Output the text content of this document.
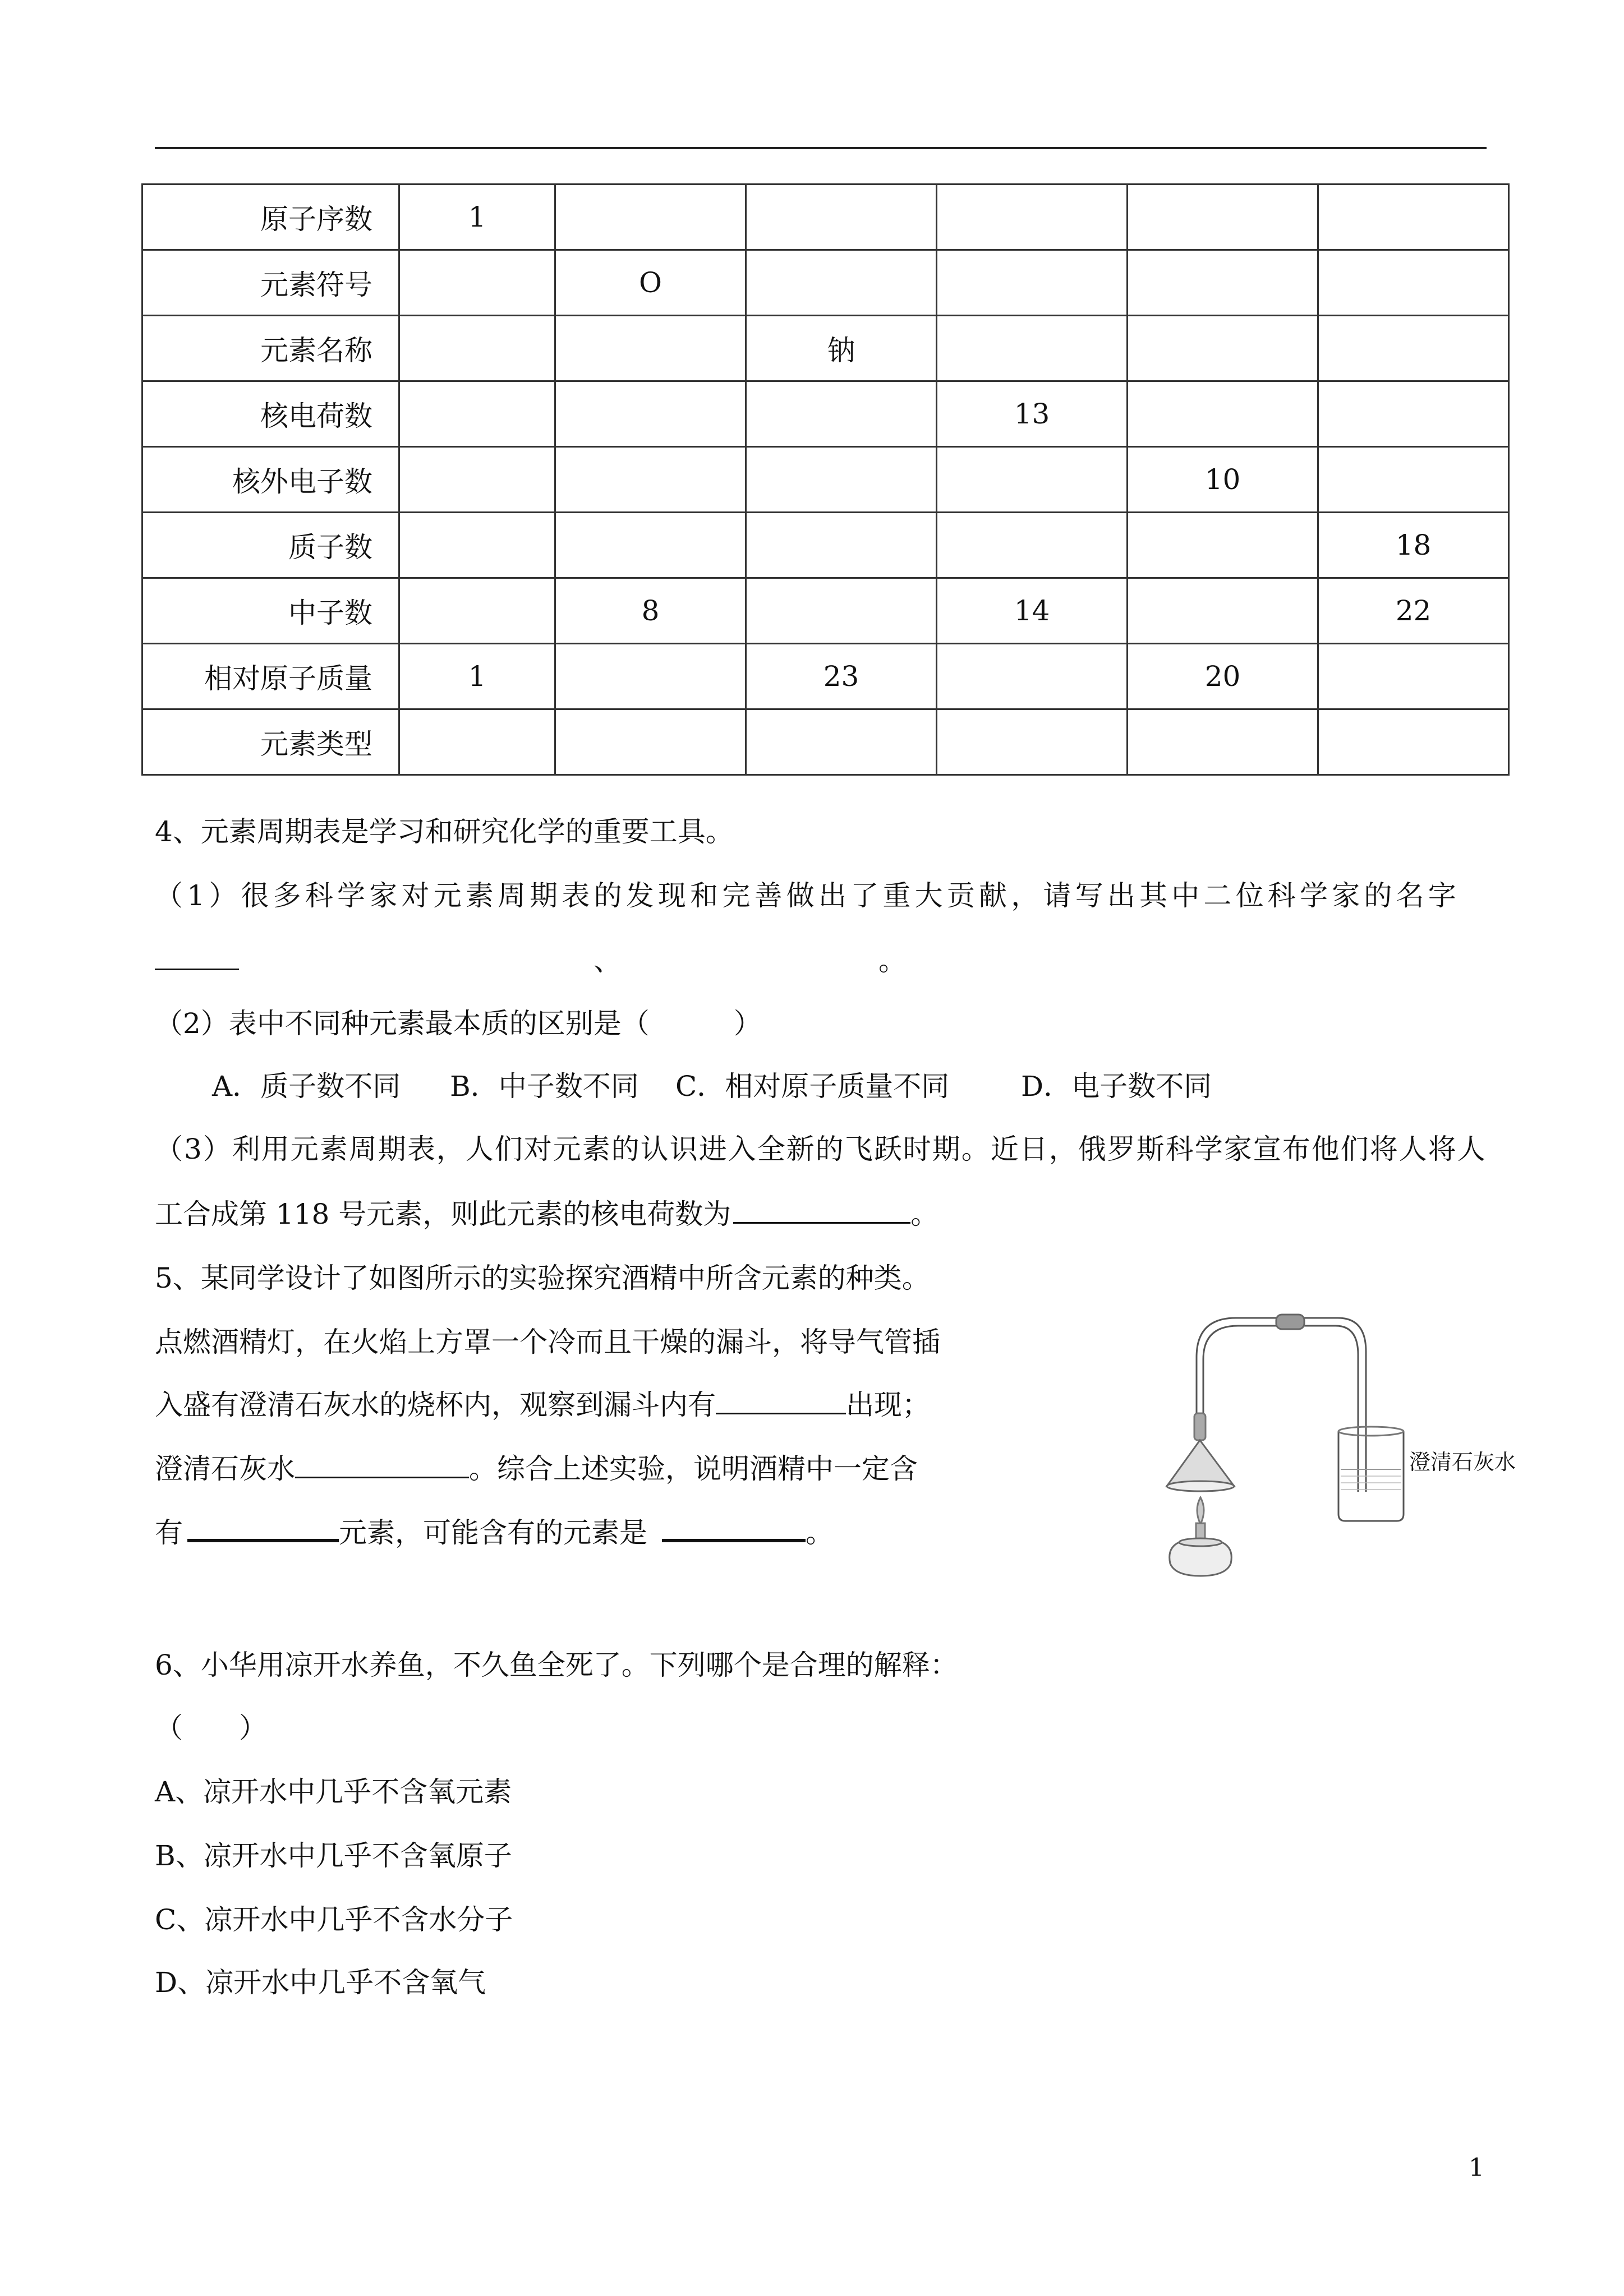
原子序数	1					
元素符号		O				
元素名称			钠			
核电荷数				13		
核外电子数					10	
质子数						18
中子数		8		14		22
相对原子质量	1		23		20	
元素类型						
4、元素周期表是学习和研究化学的重要工具。
（1）很多科学家对元素周期表的发现和完善做出了重大贡献，请写出其中二位科学家的名字
、	。
（2）表中不同种元素最本质的区别是（　　　）
A．质子数不同 B．中子数不同 C．相对原子质量不同	D．电子数不同
（3）利用元素周期表，人们对元素的认识进入全新的飞跃时期。近日，俄罗斯科学家宣布他们将人将人
工合成第 118 号元素，则此元素的核电荷数为	。
5、某同学设计了如图所示的实验探究酒精中所含元素的种类。
点燃酒精灯，在火焰上方罩一个冷而且干燥的漏斗，将导气管插
入盛有澄清石灰水的烧杯内，观察到漏斗内有	出现；
澄清石灰水	。综合上述实验，说明酒精中一定含
有	元素，可能含有的元素是	。
澄清石灰水
6、小华用凉开水养鱼，不久鱼全死了。下列哪个是合理的解释：
（　　）
A、凉开水中几乎不含氧元素
B、凉开水中几乎不含氧原子
C、凉开水中几乎不含水分子
D、凉开水中几乎不含氧气
1
